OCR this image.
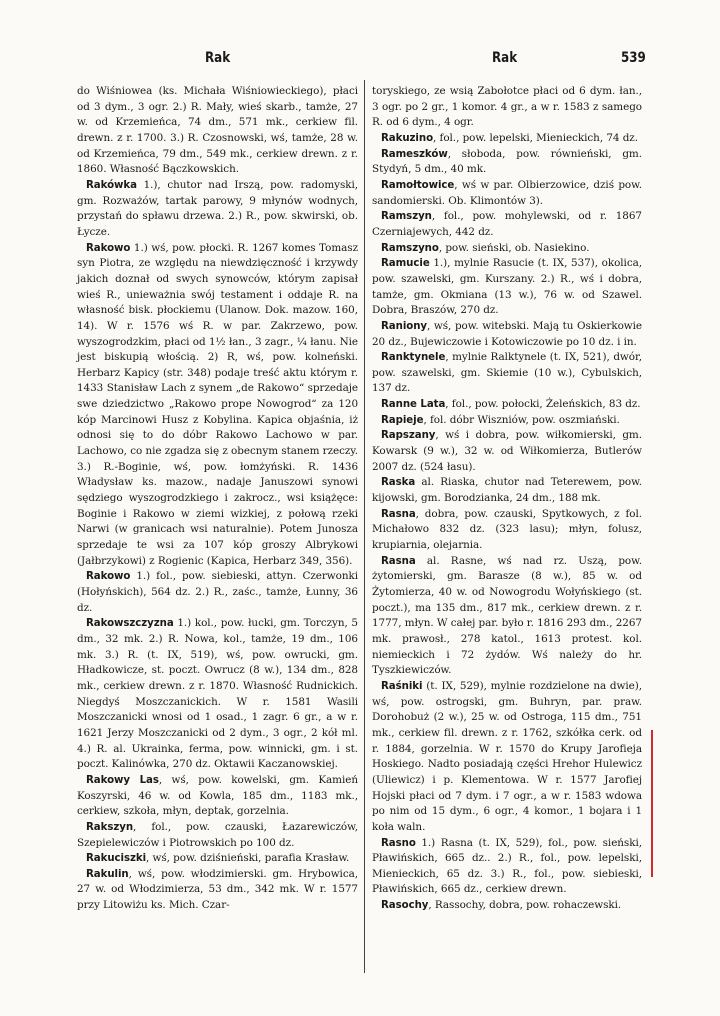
Rak	Rak	539

do Wiśniowea (ks. Michała Wiśniowieckiego), płaci od 3 dym., 3 ogr. 2.) R. Mały, wieś skarb., tamże, 27 w. od Krzemieńca, 74 dm., 571 mk., cerkiew fil. drewn. z r. 1700. 3.) R. Czosnowski, wś, tamże, 28 w. od Krzemieńca, 79 dm., 549 mk., cerkiew drewn. z r. 1860. Własność Bączkowskich.

Rakówka 1.), chutor nad Irszą, pow. radomyski, gm. Rozważów, tartak parowy, 9 młynów wodnych, przystań do spławu drzewa. 2.) R., pow. skwirski, ob. Łycze.

Rakowo 1.) wś, pow. płocki. R. 1267 komes Tomasz syn Piotra, ze względu na niewdzięczność i krzywdy jakich doznał od swych synowców, którym zapisał wieś R., unieważnia swój testament i oddaje R. na własność bisk. płockiemu (Ulanow. Dok. mazow. 160, 14). W r. 1576 wś R. w par. Zakrzewo, pow. wyszogrodzkim, płaci od 1½ łan., 3 zagr., ¼ łanu. Nie jest biskupią włością. 2) R, wś, pow. kolneński. Herbarz Kapicy (str. 348) podaje treść aktu którym r. 1433 Stanisław Lach z synem „de Rakowo“ sprzedaje swe dziedzictwo „Rakowo prope Nowogrod“ za 120 kóp Marcinowi Husz z Kobylina. Kapica objaśnia, iż odnosi się to do dóbr Rakowo Lachowo w par. Lachowo, co nie zgadza się z obecnym stanem rzeczy. 3.) R.-Boginie, wś, pow. łomżyński. R. 1436 Władysław ks. mazow., nadaje Januszowi synowi sędziego wyszogrodzkiego i zakrocz., wsi książęce: Boginie i Rakowo w ziemi wizkiej, z połową rzeki Narwi (w granicach wsi naturalnie). Potem Junosza sprzedaje te wsi za 107 kóp groszy Albrykowi (Jałbrzykowi) z Rogienic (Kapica, Herbarz 349, 356).

Rakowo 1.) fol., pow. siebieski, attyn. Czerwonki (Hołyńskich), 564 dz. 2.) R., zaśc., tamże, Łunny, 36 dz.

Rakowszczyzna 1.) kol., pow. łucki, gm. Torczyn, 5 dm., 32 mk. 2.) R. Nowa, kol., tamże, 19 dm., 106 mk. 3.) R. (t. IX, 519), wś, pow. owrucki, gm. Hładkowicze, st. poczt. Owrucz (8 w.), 134 dm., 828 mk., cerkiew drewn. z r. 1870. Własność Rudnickich. Niegdyś Moszczanickich. W r. 1581 Wasili Moszczanicki wnosi od 1 osad., 1 zagr. 6 gr., a w r. 1621 Jerzy Moszczanicki od 2 dym., 3 ogr., 2 kół ml. 4.) R. al. Ukrainka, ferma, pow. winnicki, gm. i st. poczt. Kalinówka, 270 dz. Oktawii Kaczanowskiej.

Rakowy Las, wś, pow. kowelski, gm. Kamień Koszyrski, 46 w. od Kowla, 185 dm., 1183 mk., cerkiew, szkoła, młyn, deptak, gorzelnia.

Rakszyn, fol., pow. czauski, Łazarewiczów, Szepielewiczów i Piotrowskich po 100 dz.

Rakuciszki, wś, pow. dziśnieński, parafia Krasław.

Rakulin, wś, pow. włodzimierski. gm. Hrybowica, 27 w. od Włodzimierza, 53 dm., 342 mk. W r. 1577 przy Litowiżu ks. Mich. Czar-

toryskiego, ze wsią Zabołotce płaci od 6 dym. łan., 3 ogr. po 2 gr., 1 komor. 4 gr., a w r. 1583 z samego R. od 6 dym., 4 ogr.

Rakuzino, fol., pow. lepelski, Mienieckich, 74 dz.

Rameszków, słoboda, pow. równieński, gm. Stydyń, 5 dm., 40 mk.

Ramołtowice, wś w par. Olbierzowice, dziś pow. sandomierski. Ob. Klimontów 3).

Ramszyn, fol., pow. mohylewski, od r. 1867 Czerniajewych, 442 dz.

Ramszyno, pow. sieński, ob. Nasiekino.

Ramucie 1.), mylnie Rasucie (t. IX, 537), okolica, pow. szawelski, gm. Kurszany. 2.) R., wś i dobra, tamże, gm. Okmiana (13 w.), 76 w. od Szawel. Dobra, Braszów, 270 dz.

Raniony, wś, pow. witebski. Mają tu Oskierkowie 20 dz., Bujewiczowie i Kotowiczowie po 10 dz. i in.

Ranktynele, mylnie Ralktynele (t. IX, 521), dwór, pow. szawelski, gm. Skiemie (10 w.), Cybulskich, 137 dz.

Ranne Lata, fol., pow. połocki, Żeleńskich, 83 dz.

Rapieje, fol. dóbr Wiszniów, pow. oszmiański.

Rapszany, wś i dobra, pow. wiłkomierski, gm. Kowarsk (9 w.), 32 w. od Wiłkomierza, Butlerów 2007 dz. (524 łasu).

Raska al. Riaska, chutor nad Teterewem, pow. kijowski, gm. Borodzianka, 24 dm., 188 mk.

Rasna, dobra, pow. czauski, Spytkowych, z fol. Michałowo 832 dz. (323 lasu); młyn, folusz, krupiarnia, olejarnia.

Rasna al. Rasne, wś nad rz. Uszą, pow. żytomierski, gm. Barasze (8 w.), 85 w. od Żytomierza, 40 w. od Nowogrodu Wołyńskiego (st. poczt.), ma 135 dm., 817 mk., cerkiew drewn. z r. 1777, młyn. W całej par. było r. 1816 293 dm., 2267 mk. prawosł., 278 katol., 1613 protest. kol. niemieckich i 72 żydów. Wś należy do hr. Tyszkiewiczów.

Raśniki (t. IX, 529), mylnie rozdzielone na dwie), wś, pow. ostrogski, gm. Buhryn, par. praw. Dorohobuż (2 w.), 25 w. od Ostroga, 115 dm., 751 mk., cerkiew fil. drewn. z r. 1762, szkółka cerk. od r. 1884, gorzelnia. W r. 1570 do Krupy Jarofieja Hoskiego. Nadto posiadają części Hrehor Hulewicz (Uliewicz) i p. Klementowa. W r. 1577 Jarofiej Hojski płaci od 7 dym. i 7 ogr., a w r. 1583 wdowa po nim od 15 dym., 6 ogr., 4 komor., 1 bojara i 1 koła waln.

Rasno 1.) Rasna (t. IX, 529), fol., pow. sieński, Pławińskich, 665 dz.. 2.) R., fol., pow. lepelski, Mienieckich, 65 dz. 3.) R., fol., pow. siebieski, Pławińskich, 665 dz., cerkiew drewn.

Rasochy, Rassochy, dobra, pow. rohaczewski.
